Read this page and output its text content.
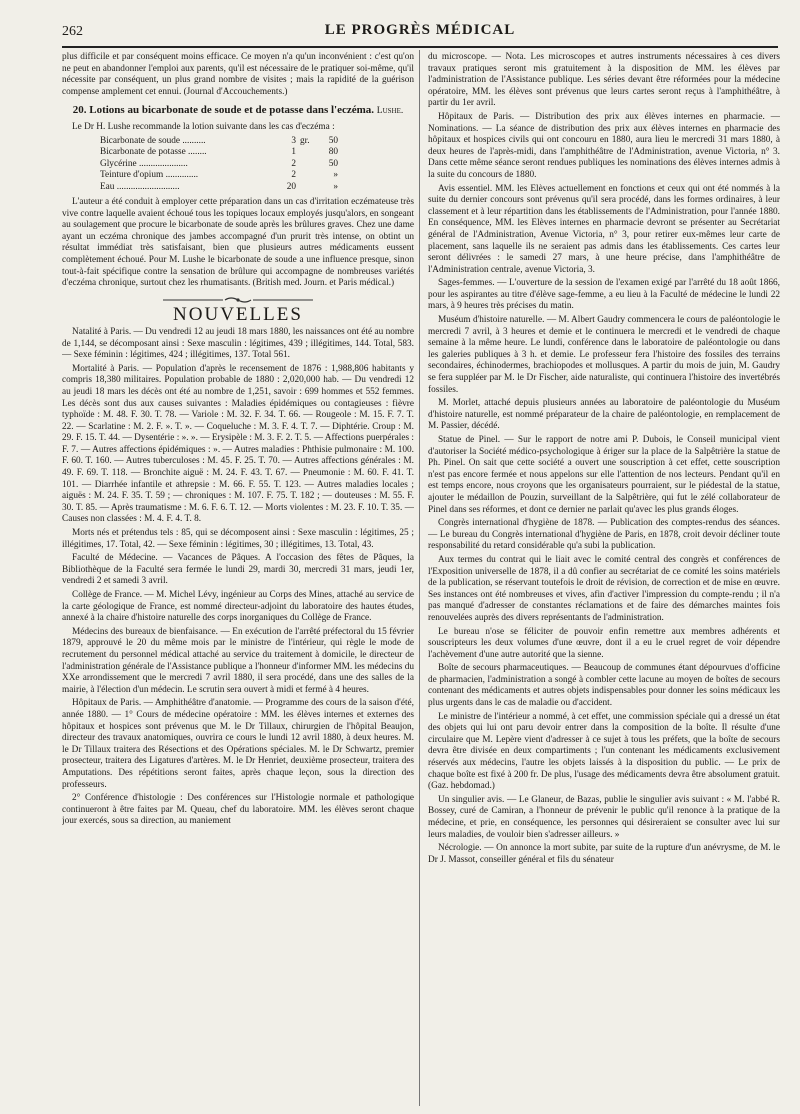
262	LE PROGRÈS MÉDICAL

plus difficile et par conséquent moins efficace. Ce moyen n'a qu'un inconvénient : c'est qu'on ne peut en abandonner l'emploi aux parents, qu'il est nécessaire de le pratiquer soi-même, qu'il nécessite par conséquent, un plus grand nombre de visites ; mais la rapidité de la guérison compense amplement cet ennui. (Journal d'Accouchements.)

20. Lotions au bicarbonate de soude et de potasse dans l'eczéma. Lushe.

Le Dr H. Lushe recommande la lotion suivante dans les cas d'eczéma :

Bicarbonate de soude ..........	3	gr.	50
Bicarbonate de potasse ........	1		80
Glycérine .....................	2		50
Teinture d'opium ..............	2		»
Eau ...........................	20		»

L'auteur a été conduit à employer cette préparation dans un cas d'irritation eczémateuse très vive contre laquelle avaient échoué tous les topiques locaux employés jusqu'alors, en songeant au soulagement que procure le bicarbonate de soude après les brûlures graves. Chez une dame ayant un eczéma chronique des jambes accompagné d'un prurit très intense, on obtint un résultat immédiat très satisfaisant, bien que plusieurs autres médicaments eussent complètement échoué. Pour M. Lushe le bicarbonate de soude a une influence presque, sinon tout-à-fait spécifique contre la sensation de brûlure qui accompagne de nombreuses variétés d'eczéma chronique, surtout chez les rhumatisants. (British med. Journ. et Paris médical.)

NOUVELLES

Natalité à Paris. — Du vendredi 12 au jeudi 18 mars 1880, les naissances ont été au nombre de 1,144, se décomposant ainsi : Sexe masculin : légitimes, 439 ; illégitimes, 144. Total, 583. — Sexe féminin : légitimes, 424 ; illégitimes, 137. Total 561.

Mortalité à Paris. — Population d'après le recensement de 1876 : 1,988,806 habitants y compris 18,380 militaires. Population probable de 1880 : 2,020,000 hab. — Du vendredi 12 au jeudi 18 mars les décès ont été au nombre de 1,251, savoir : 699 hommes et 552 femmes. Les décès sont dus aux causes suivantes : Maladies épidémiques ou contagieuses : fièvre typhoïde : M. 48. F. 30. T. 78. — Variole : M. 32. F. 34. T. 66. — Rougeole : M. 15. F. 7. T. 22. — Scarlatine : M. 2. F. ». T. ». — Coqueluche : M. 3. F. 4. T. 7. — Diphtérie. Croup : M. 29. F. 15. T. 44. — Dysentérie : ». ». — Erysipèle : M. 3. F. 2. T. 5. — Affections puerpérales : F. 7. — Autres affections épidémiques : ». — Autres maladies : Phthisie pulmonaire : M. 100. F. 60. T. 160. — Autres tuberculoses : M. 45. F. 25. T. 70. — Autres affections générales : M. 49. F. 69. T. 118. — Bronchite aiguë : M. 24. F. 43. T. 67. — Pneumonie : M. 60. F. 41. T. 101. — Diarrhée infantile et athrepsie : M. 66. F. 55. T. 123. — Autres maladies locales ; aiguës : M. 24. F. 35. T. 59 ; — chroniques : M. 107. F. 75. T. 182 ; — douteuses : M. 55. F. 30. T. 85. — Après traumatisme : M. 6. F. 6. T. 12. — Morts violentes : M. 23. F. 10. T. 35. — Causes non classées : M. 4. F. 4. T. 8.

Morts nés et prétendus tels : 85, qui se décomposent ainsi : Sexe masculin : légitimes, 25 ; illégitimes, 17. Total, 42. — Sexe féminin : légitimes, 30 ; illégitimes, 13. Total, 43.

Faculté de Médecine. — Vacances de Pâques. A l'occasion des fêtes de Pâques, la Bibliothèque de la Faculté sera fermée le lundi 29, mardi 30, mercredi 31 mars, jeudi 1er, vendredi 2 et samedi 3 avril.

Collège de France. — M. Michel Lévy, ingénieur au Corps des Mines, attaché au service de la carte géologique de France, est nommé directeur-adjoint du laboratoire des hautes études, annexé à la chaire d'histoire naturelle des corps inorganiques du Collège de France.

Médecins des bureaux de bienfaisance. — En exécution de l'arrêté préfectoral du 15 février 1879, approuvé le 20 du même mois par le ministre de l'intérieur, qui règle le mode de recrutement du personnel médical attaché au service du traitement à domicile, le directeur de l'administration générale de l'Assistance publique a l'honneur d'informer MM. les médecins du XXe arrondissement que le mercredi 7 avril 1880, il sera procédé, dans une des salles de la mairie, à l'élection d'un médecin. Le scrutin sera ouvert à midi et fermé à 4 heures.

Hôpitaux de Paris. — Amphithéâtre d'anatomie. — Programme des cours de la saison d'été, année 1880. — 1° Cours de médecine opératoire : MM. les élèves internes et externes des hôpitaux et hospices sont prévenus que M. le Dr Tillaux, chirurgien de l'hôpital Beaujon, directeur des travaux anatomiques, ouvrira ce cours le lundi 12 avril 1880, à deux heures. M. le Dr Tillaux traitera des Résections et des Opérations spéciales. M. le Dr Schwartz, premier prosecteur, traitera des Ligatures d'artères. M. le Dr Henriet, deuxième prosecteur, traitera des Amputations. Des répétitions seront faites, après chaque leçon, sous la direction des professeurs.

2° Conférence d'histologie : Des conférences sur l'Histologie normale et pathologique continueront à être faites par M. Queau, chef du laboratoire. MM. les élèves seront chaque jour exercés, sous sa direction, au maniement

du microscope. — Nota. Les microscopes et autres instruments nécessaires à ces divers travaux pratiques seront mis gratuitement à la disposition de MM. les élèves par l'administration de l'Assistance publique. Les séries devant être réformées pour la médecine opératoire, MM. les élèves sont prévenus que leurs cartes seront reçus à l'amphithéâtre, à partir du 1er avril.

Hôpitaux de Paris. — Distribution des prix aux élèves internes en pharmacie. — Nominations. — La séance de distribution des prix aux élèves internes en pharmacie des hôpitaux et hospices civils qui ont concouru en 1880, aura lieu le mercredi 31 mars 1880, à deux heures de l'après-midi, dans l'amphithéâtre de l'Administration, avenue Victoria, n° 3. Dans cette même séance seront rendues publiques les nominations des élèves internes admis à la suite du concours de 1880.

Avis essentiel. MM. les Elèves actuellement en fonctions et ceux qui ont été nommés à la suite du dernier concours sont prévenus qu'il sera procédé, dans les formes ordinaires, à leur classement et à leur répartition dans les établissements de l'Administration, pour l'année 1880. En conséquence, MM. les Elèves internes en pharmacie devront se présenter au Secrétariat général de l'Administration, Avenue Victoria, n° 3, pour retirer eux-mêmes leur carte de placement, sans laquelle ils ne seraient pas admis dans les établissements. Ces cartes leur seront délivrées : le samedi 27 mars, à une heure précise, dans l'amphithéâtre de l'Administration centrale, avenue Victoria, 3.

Sages-femmes. — L'ouverture de la session de l'examen exigé par l'arrêté du 18 août 1866, pour les aspirantes au titre d'élève sage-femme, a eu lieu à la Faculté de médecine le lundi 22 mars, à 9 heures très précises du matin.

Muséum d'histoire naturelle. — M. Albert Gaudry commencera le cours de paléontologie le mercredi 7 avril, à 3 heures et demie et le continuera le mercredi et le vendredi de chaque semaine à la même heure. Le lundi, conférence dans le laboratoire de paléontologie ou dans les galeries publiques à 3 h. et demie. Le professeur fera l'histoire des fossiles des terrains secondaires, échinodermes, brachiopodes et mollusques. A partir du mois de juin, M. Gaudry se fera suppléer par M. le Dr Fischer, aide naturaliste, qui continuera l'histoire des invertébrés fossiles.

M. Morlet, attaché depuis plusieurs années au laboratoire de paléontologie du Muséum d'histoire naturelle, est nommé préparateur de la chaire de paléontologie, en remplacement de M. Passier, décédé.

Statue de Pinel. — Sur le rapport de notre ami P. Dubois, le Conseil municipal vient d'autoriser la Société médico-psychologique à ériger sur la place de la Salpêtrière la statue de Ph. Pinel. On sait que cette société a ouvert une souscription à cet effet, cette souscription n'est pas encore fermée et nous appelons sur elle l'attention de nos lecteurs. Pendant qu'il en est temps encore, nous croyons que les organisateurs pourraient, sur le piédestal de la statue, ajouter le médaillon de Pouzin, surveillant de la Salpêtrière, qui fut le zélé collaborateur de Pinel dans ses réformes, et dont ce dernier ne parlait qu'avec les plus grands éloges.

Congrès international d'hygiène de 1878. — Publication des comptes-rendus des séances. — Le bureau du Congrès international d'hygiène de Paris, en 1878, croit devoir décliner toute responsabilité du retard considérable qu'a subi la publication.

Aux termes du contrat qui le liait avec le comité central des congrès et conférences de l'Exposition universelle de 1878, il a dû confier au secrétariat de ce comité les soins matériels de la publication, se réservant toutefois le droit de révision, de correction et de mise en œuvre. Ses instances ont été nombreuses et vives, afin d'activer l'impression du compte-rendu ; il n'a pas manqué d'adresser de constantes réclamations et de faire des démarches maintes fois renouvelées auprès des divers représentants de l'administration.

Le bureau n'ose se féliciter de pouvoir enfin remettre aux membres adhérents et souscripteurs les deux volumes d'une œuvre, dont il a eu le cruel regret de voir dépendre l'achèvement d'une autre autorité que la sienne.

Boîte de secours pharmaceutiques. — Beaucoup de communes étant dépourvues d'officine de pharmacien, l'administration a songé à combler cette lacune au moyen de boîtes de secours contenant des médicaments et autres objets indispensables pour donner les soins médicaux les plus urgents dans le cas de maladie ou d'accident.

Le ministre de l'intérieur a nommé, à cet effet, une commission spéciale qui a dressé un état des objets qui lui ont paru devoir entrer dans la composition de la boîte. Il résulte d'une circulaire que M. Lepère vient d'adresser à ce sujet à tous les préfets, que la boîte de secours devra être divisée en deux compartiments ; l'un contenant les médicaments exclusivement réservés aux médecins, l'autre les objets laissés à la disposition du public. — Le prix de chaque boîte est fixé à 200 fr. De plus, l'usage des médicaments devra être absolument gratuit. (Gaz. hebdomad.)

Un singulier avis. — Le Glaneur, de Bazas, publie le singulier avis suivant : « M. l'abbé R. Bossey, curé de Camiran, a l'honneur de prévenir le public qu'il renonce à la pratique de la médecine, et prie, en conséquence, les personnes qui désireraient se consulter avec lui sur leurs maladies, de vouloir bien s'adresser ailleurs. »

Nécrologie. — On annonce la mort subite, par suite de la rupture d'un anévrysme, de M. le Dr J. Massot, conseiller général et fils du sénateur
